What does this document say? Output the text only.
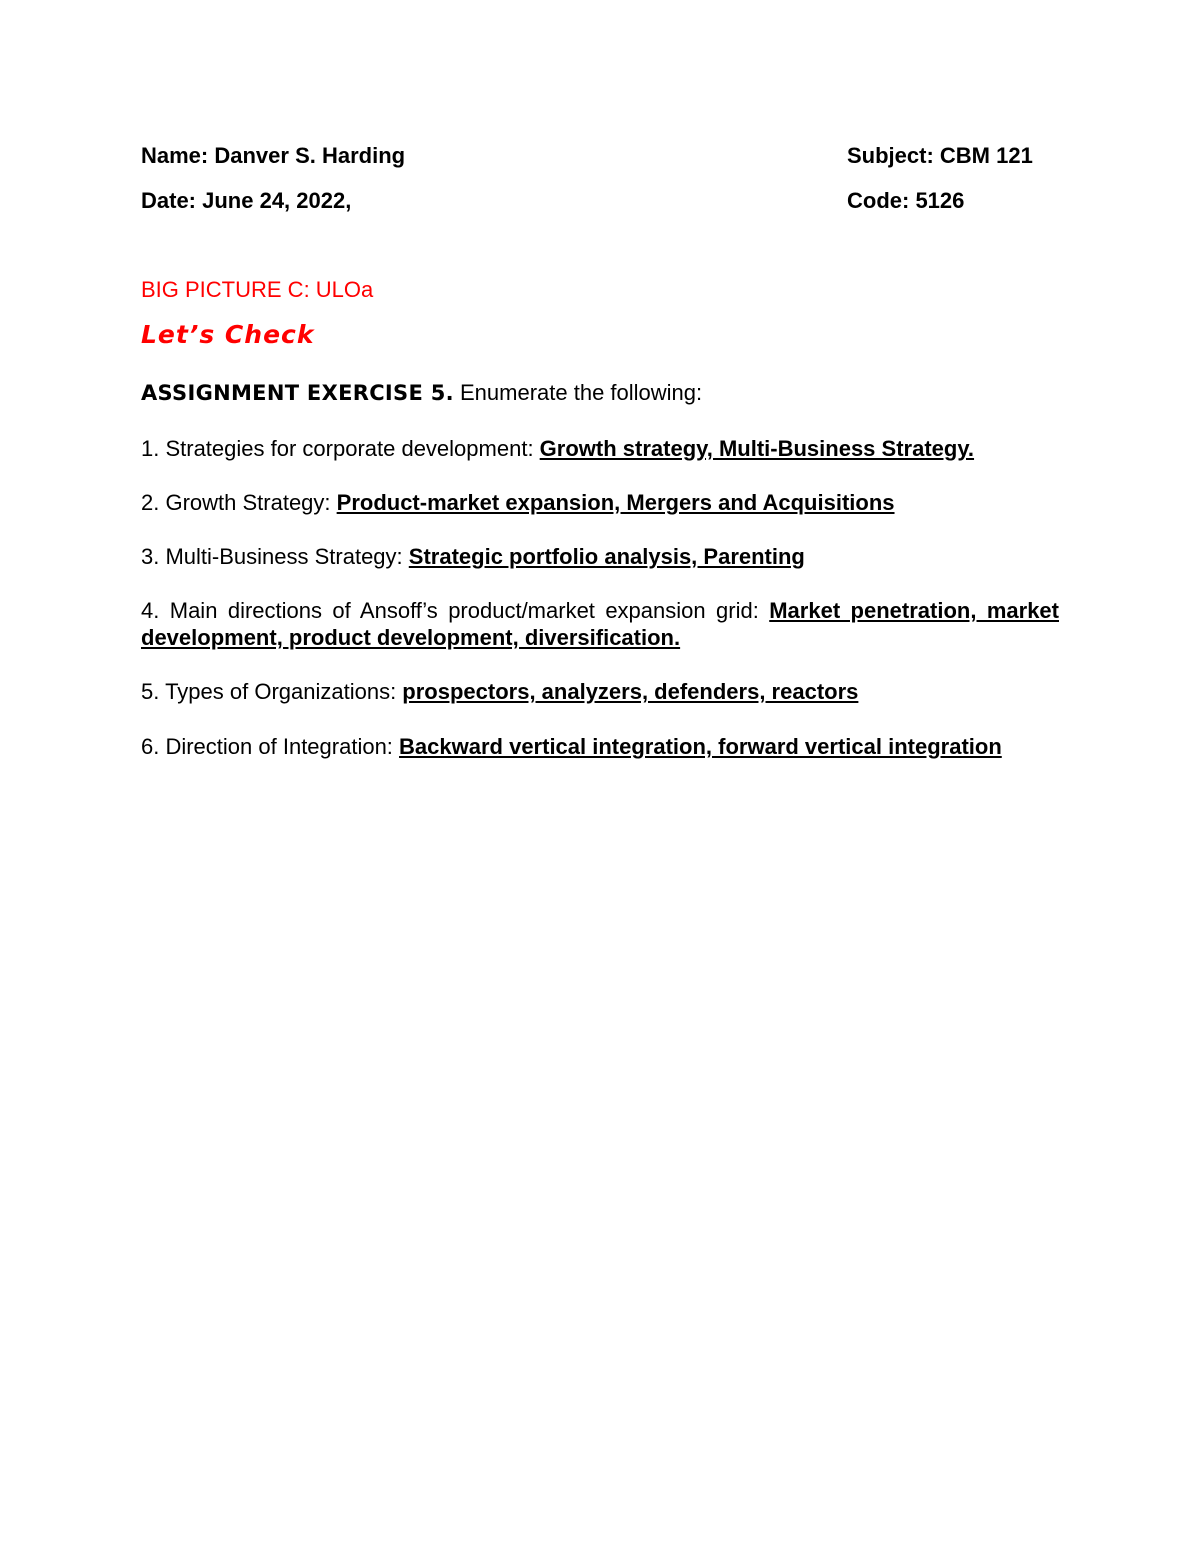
Name: Danver S. Harding	Subject: CBM 121
Date: June 24, 2022,	Code: 5126
BIG PICTURE C: ULOa
Let’s Check
ASSIGNMENT EXERCISE 5. Enumerate the following:
1. Strategies for corporate development: Growth strategy, Multi-Business Strategy.
2. Growth Strategy: Product-market expansion, Mergers and Acquisitions
3. Multi-Business Strategy: Strategic portfolio analysis, Parenting
4. Main directions of Ansoff’s product/market expansion grid: Market penetration, market development, product development, diversification.
5. Types of Organizations: prospectors, analyzers, defenders, reactors
6. Direction of Integration: Backward vertical integration, forward vertical integration
